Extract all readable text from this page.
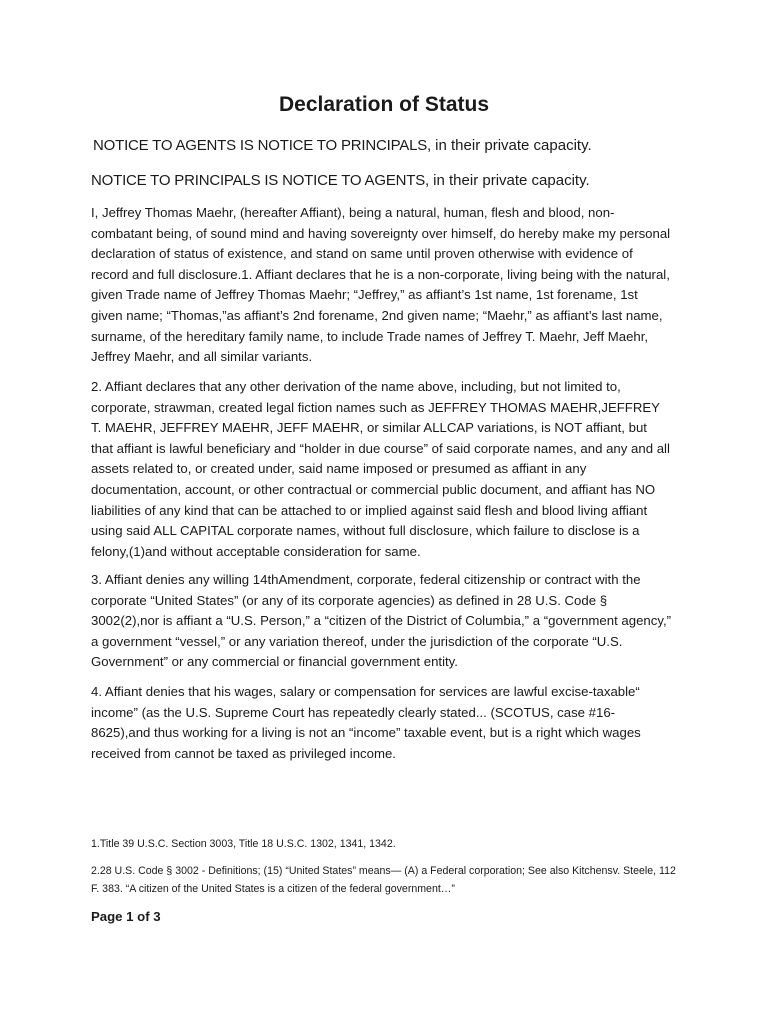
Declaration of Status

NOTICE TO AGENTS IS NOTICE TO PRINCIPALS, in their private capacity.

NOTICE TO PRINCIPALS IS NOTICE TO AGENTS, in their private capacity.

I, Jeffrey Thomas Maehr, (hereafter Affiant), being a natural, human, flesh and blood, non-combatant being, of sound mind and having sovereignty over himself, do hereby make my personal declaration of status of existence, and stand on same until proven otherwise with evidence of record and full disclosure.1. Affiant declares that he is a non-corporate, living being with the natural, given Trade name of Jeffrey Thomas Maehr; “Jeffrey,” as affiant’s 1st name, 1st forename, 1st given name; “Thomas,”as affiant’s 2nd forename, 2nd given name; “Maehr,” as affiant’s last name, surname, of the hereditary family name, to include Trade names of Jeffrey T. Maehr, Jeff Maehr, Jeffrey Maehr, and all similar variants.

2. Affiant declares that any other derivation of the name above, including, but not limited to, corporate, strawman, created legal fiction names such as JEFFREY THOMAS MAEHR,JEFFREY T. MAEHR, JEFFREY MAEHR, JEFF MAEHR, or similar ALLCAP variations, is NOT affiant, but that affiant is lawful beneficiary and “holder in due course” of said corporate names, and any and all assets related to, or created under, said name imposed or presumed as affiant in any documentation, account, or other contractual or commercial public document, and affiant has NO liabilities of any kind that can be attached to or implied against said flesh and blood living affiant using said ALL CAPITAL corporate names, without full disclosure, which failure to disclose is a felony,(1)and without acceptable consideration for same.

3. Affiant denies any willing 14thAmendment, corporate, federal citizenship or contract with the corporate “United States” (or any of its corporate agencies) as defined in 28 U.S. Code § 3002(2),nor is affiant a “U.S. Person,” a “citizen of the District of Columbia,” a “government agency,” a government “vessel,” or any variation thereof, under the jurisdiction of the corporate “U.S. Government” or any commercial or financial government entity.

4. Affiant denies that his wages, salary or compensation for services are lawful excise-taxable“ income” (as the U.S. Supreme Court has repeatedly clearly stated... (SCOTUS, case #16-8625),and thus working for a living is not an “income” taxable event, but is a right which wages received from cannot be taxed as privileged income.

1.Title 39 U.S.C. Section 3003, Title 18 U.S.C. 1302, 1341, 1342.

2.28 U.S. Code § 3002 - Definitions; (15) “United States” means— (A) a Federal corporation; See also Kitchensv. Steele, 112 F. 383. “A citizen of the United States is a citizen of the federal government…”

Page 1 of 3
